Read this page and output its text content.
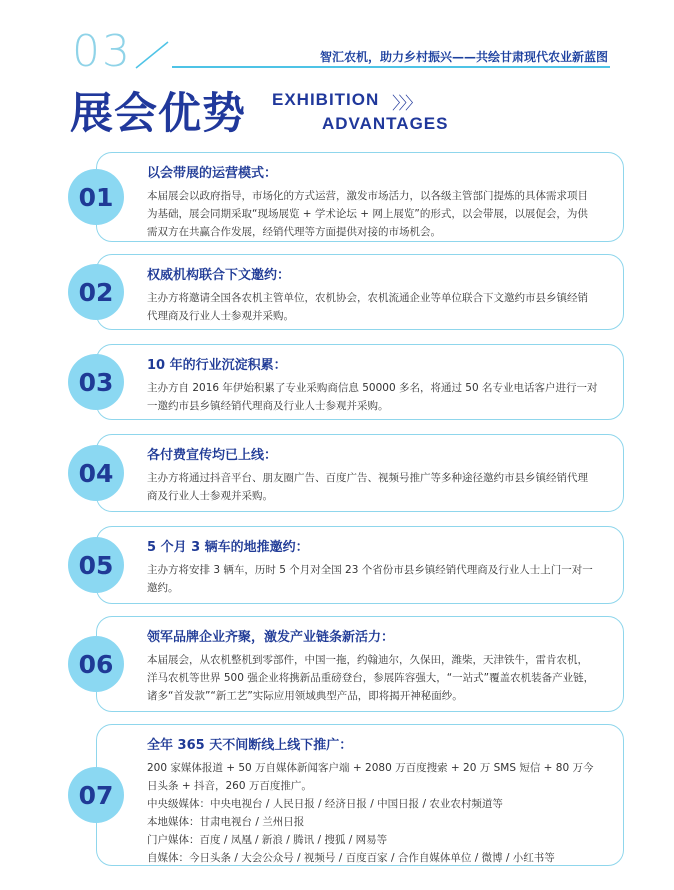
03	智汇农机，助力乡村振兴——共绘甘肃现代农业新蓝图
展会优势 EXHIBITION 〉〉〉
ADVANTAGES
01
以会带展的运营模式：
本届展会以政府指导，市场化的方式运营，激发市场活力，以各级主管部门提炼的具体需求项目为基础，展会同期采取“现场展览 + 学术论坛 + 网上展览”的形式，以会带展，以展促会，为供需双方在共赢合作发展，经销代理等方面提供对接的市场机会。
02
权威机构联合下文邀约：
主办方将邀请全国各农机主管单位，农机协会，农机流通企业等单位联合下文邀约市县乡镇经销代理商及行业人士参观并采购。
03
10 年的行业沉淀积累：
主办方自 2016 年伊始积累了专业采购商信息 50000 多名，将通过 50 名专业电话客户进行一对一邀约市县乡镇经销代理商及行业人士参观并采购。
04
各付费宣传均已上线：
主办方将通过抖音平台、朋友圈广告、百度广告、视频号推广等多种途径邀约市县乡镇经销代理商及行业人士参观并采购。
05
5 个月 3 辆车的地推邀约：
主办方将安排 3 辆车，历时 5 个月对全国 23 个省份市县乡镇经销代理商及行业人士上门一对一邀约。
06
领军品牌企业齐聚，激发产业链条新活力：
本届展会，从农机整机到零部件，中国一拖，约翰迪尔，久保田，潍柴，天津铁牛，雷肯农机，洋马农机等世界 500 强企业将携新品重磅登台，参展阵容强大，“一站式”覆盖农机装备产业链，诸多“首发款”“新工艺”实际应用领域典型产品，即将揭开神秘面纱。
07
全年 365 天不间断线上线下推广：
200 家媒体报道 + 50 万自媒体新闻客户端 + 2080 万百度搜索 + 20 万 SMS 短信 + 80 万今日头条 + 抖音，260 万百度推广。
中央级媒体：中央电视台 / 人民日报 / 经济日报 / 中国日报 / 农业农村频道等
本地媒体：甘肃电视台 / 兰州日报
门户媒体：百度 / 凤凰 / 新浪 / 腾讯 / 搜狐 / 网易等
自媒体：今日头条 / 大会公众号 / 视频号 / 百度百家 / 合作自媒体单位 / 微博 / 小红书等
